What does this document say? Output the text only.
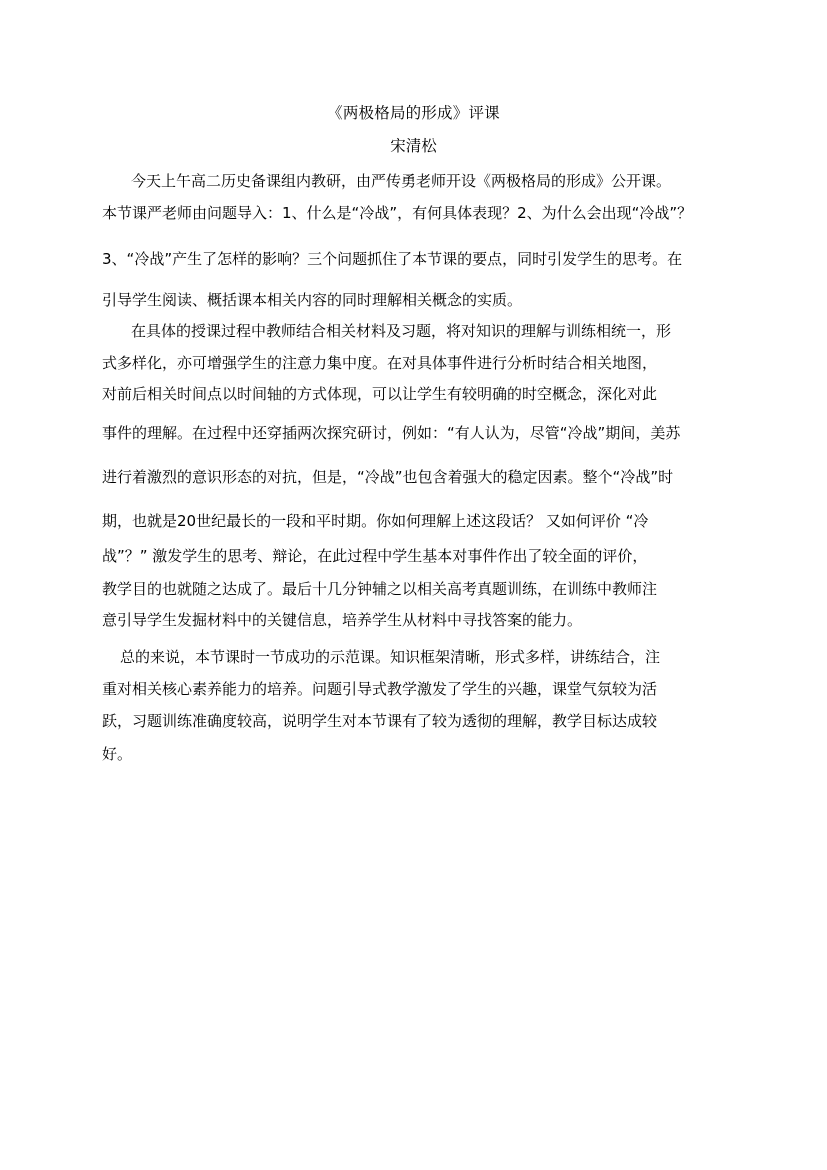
《两极格局的形成》评课
宋清松
今天上午高二历史备课组内教研，由严传勇老师开设《两极格局的形成》公开课。
本节课严老师由问题导入：1、什么是“冷战”，有何具体表现？2、为什么会出现“冷战”？
3、“冷战”产生了怎样的影响？三个问题抓住了本节课的要点，同时引发学生的思考。在
引导学生阅读、概括课本相关内容的同时理解相关概念的实质。
在具体的授课过程中教师结合相关材料及习题，将对知识的理解与训练相统一，形
式多样化，亦可增强学生的注意力集中度。在对具体事件进行分析时结合相关地图，
对前后相关时间点以时间轴的方式体现，可以让学生有较明确的时空概念，深化对此
事件的理解。在过程中还穿插两次探究研讨，例如：“有人认为，尽管“冷战”期间，美苏
进行着激烈的意识形态的对抗，但是，“冷战”也包含着强大的稳定因素。整个“冷战”时
期，也就是20世纪最长的一段和平时期。你如何理解上述这段话？ 又如何评价 “冷
战”？” 激发学生的思考、辩论，在此过程中学生基本对事件作出了较全面的评价，
教学目的也就随之达成了。最后十几分钟辅之以相关高考真题训练，在训练中教师注
意引导学生发掘材料中的关键信息，培养学生从材料中寻找答案的能力。
总的来说，本节课时一节成功的示范课。知识框架清晰，形式多样，讲练结合，注
重对相关核心素养能力的培养。问题引导式教学激发了学生的兴趣，课堂气氛较为活
跃，习题训练准确度较高，说明学生对本节课有了较为透彻的理解，教学目标达成较
好。
